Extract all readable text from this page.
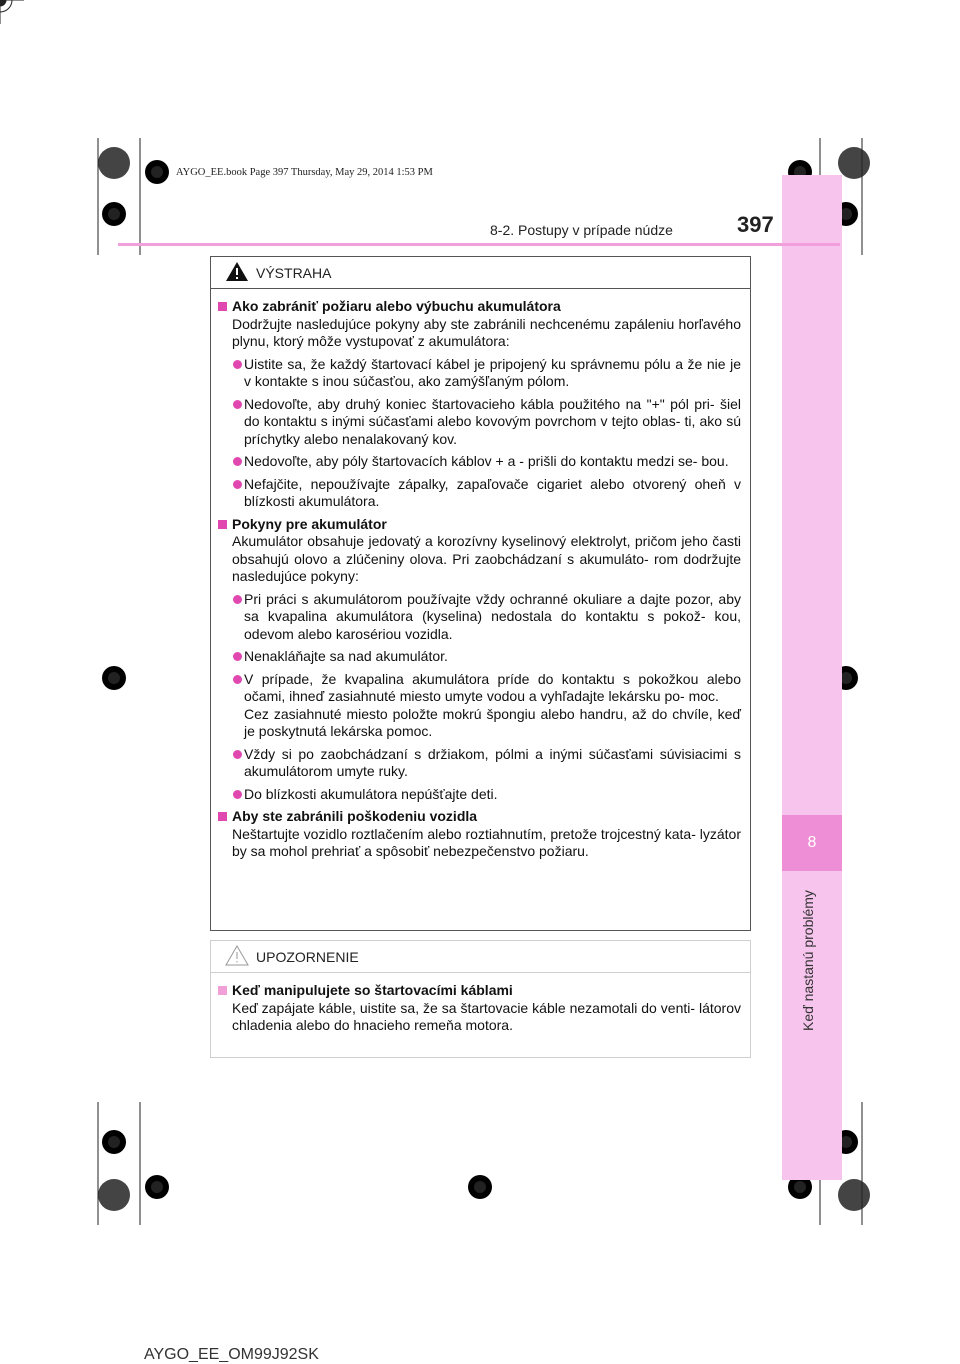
AYGO_EE.book Page 397 Thursday, May 29, 2014 1:53 PM
8
Keď nastanú problémy
8-2. Postupy v prípade núdze	397
VÝSTRAHA
Ako zabrániť požiaru alebo výbuchu akumulátora
Dodržujte nasledujúce pokyny aby ste zabránili nechcenému zapáleniu horľavého plynu, ktorý môže vystupovať z akumulátora:
Uistite sa, že každý štartovací kábel je pripojený ku správnemu pólu a že nie je v kontakte s inou súčasťou, ako zamýšľaným pólom.
Nedovoľte, aby druhý koniec štartovacieho kábla použitého na "+" pól pri- šiel do kontaktu s inými súčasťami alebo kovovým povrchom v tejto oblas- ti, ako sú príchytky alebo nenalakovaný kov.
Nedovoľte, aby póly štartovacích káblov + a - prišli do kontaktu medzi se- bou.
Nefajčite, nepoužívajte zápalky, zapaľovače cigariet alebo otvorený oheň v blízkosti akumulátora.
Pokyny pre akumulátor
Akumulátor obsahuje jedovatý a korozívny kyselinový elektrolyt, pričom jeho časti obsahujú olovo a zlúčeniny olova. Pri zaobchádzaní s akumuláto- rom dodržujte nasledujúce pokyny:
Pri práci s akumulátorom používajte vždy ochranné okuliare a dajte pozor, aby sa kvapalina akumulátora (kyselina) nedostala do kontaktu s pokož- kou, odevom alebo karosériou vozidla.
Nenakláňajte sa nad akumulátor.
V prípade, že kvapalina akumulátora príde do kontaktu s pokožkou alebo očami, ihneď zasiahnuté miesto umyte vodou a vyhľadajte lekársku po- moc.
Cez zasiahnuté miesto položte mokrú špongiu alebo handru, až do chvíle, keď je poskytnutá lekárska pomoc.
Vždy si po zaobchádzaní s držiakom, pólmi a inými súčasťami súvisiacimi s akumulátorom umyte ruky.
Do blízkosti akumulátora nepúšťajte deti.
Aby ste zabránili poškodeniu vozidla
Neštartujte vozidlo roztlačením alebo roztiahnutím, pretože trojcestný kata- lyzátor by sa mohol prehriať a spôsobiť nebezpečenstvo požiaru.
UPOZORNENIE
Keď manipulujete so štartovacími káblami
Keď zapájate káble, uistite sa, že sa štartovacie káble nezamotali do venti- látorov chladenia alebo do hnacieho remeňa motora.
AYGO_EE_OM99J92SK
